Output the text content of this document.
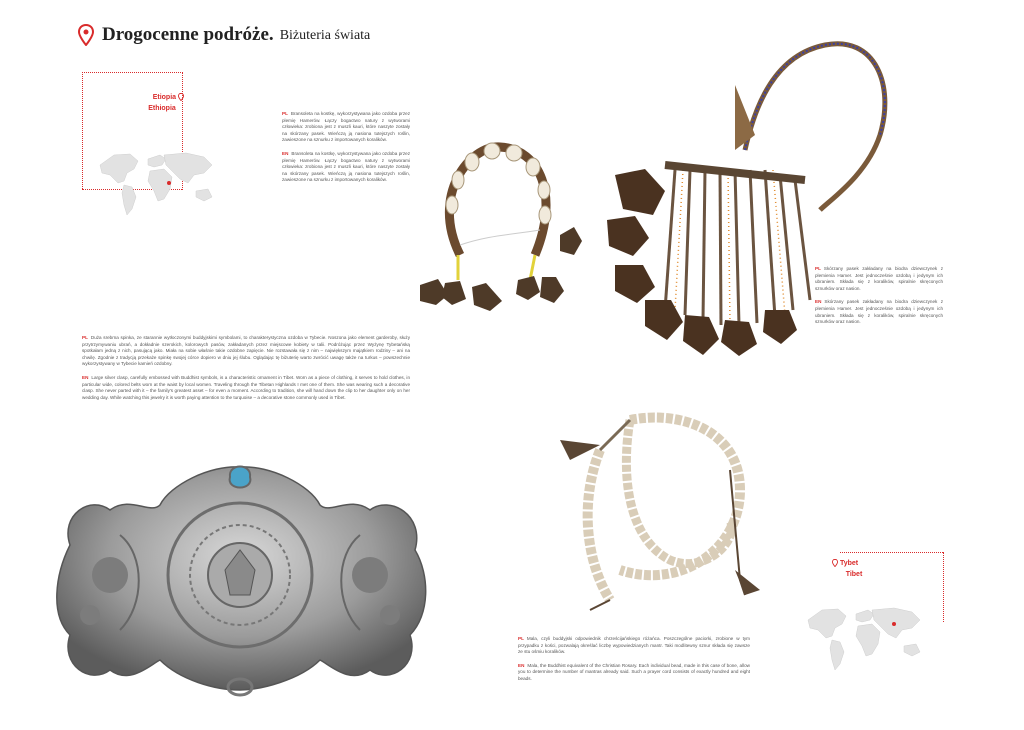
Drogocenne podróże. Biżuteria świata
Etiopia
Ethiopia

PL Bransoleta na kostkę, wykorzystywana jako ozdoba przez plemię Hamerów. Łączy bogactwo natury z wytworami człowieka: zrobiona jest z muszli kauri, które naszyte zostały na skórzany pasek. Wieńczą ją nasiona tutejszych roślin, zawieszone na sznurku z importowanych koralików.

EN Bransoleta na kostkę, wykorzystywana jako ozdoba przez plemię Hamerów. Łączy bogactwo natury z wytworami człowieka: zrobiona jest z muszli kauri, które naszyte zostały na skórzany pasek. Wieńczą ją nasiona tutejszych roślin, zawieszone na sznurku z importowanych koralików.

PL Skórzany pasek zakładany na biodra dziewczynek z plemienia Hamer. Jest jednocześnie ozdobą i jedynym ich ubraniem. Składa się z koralików, spiralnie skręconych sznurków oraz nasion.

EN Skórzany pasek zakładany na biodra dziewczynek z plemienia Hamer. Jest jednocześnie ozdobą i jedynym ich ubraniem. Składa się z koralików, spiralnie skręconych sznurków oraz nasion.

PL Duża srebrna spinka, ze starannie wytłoczonymi buddyjskimi symbolami, to charakterystyczna ozdoba w Tybecie. Noszona jako element garderoby, służy przytrzymywaniu ubrań, a dokładnie szerokich, kolorowych pasów, zakładanych przez miejscowe kobiety w talii. Podróżując przez Wyżynę Tybetańską spotkałam jedną z nich, pasującą jako. Miała na sobie właśnie takie ozdobne zapięcie. Nie rozstawała się z nim – największym majątkiem rodziny – ani na chwilę. Zgodnie z tradycją przekaże spinkę swojej córce dopiero w dniu jej ślubu. Oglądając tę biżuterię warto zwrócić uwagę także na turkus – powszechnie wykorzystywany w Tybecie kamień ozdobny.

EN Large silver clasp, carefully embossed with Buddhist symbols, is a characteristic ornament in Tibet. Worn as a piece of clothing, it serves to hold clothes, in particular wide, colored belts worn at the waist by local women. Traveling through the Tibetan Highlands I met one of them. She was wearing such a decorative clasp. She never parted with it – the family's greatest asset – for even a moment. According to tradition, she will hand down the clip to her daughter only on her wedding day. While watching this jewelry it is worth paying attention to the turquoise – a decorative stone commonly used in Tibet.

Tybet
Tibet

PL Mala, czyli buddyjski odpowiednik chrześcijańskiego różańca. Poszczególne paciorki, zrobione w tym przypadku z kości, pozwalają określać liczbę wypowiedzianych mantr. Taki modlitewny sznur składa się zawsze ze stu ośmiu koralików.

EN Mala, the Buddhist equivalent of the Christian Rosary. Each individual bead, made in this case of bone, allow you to determine the number of mantras already said. Such a prayer cord consists of exactly hundred and eight beads.
